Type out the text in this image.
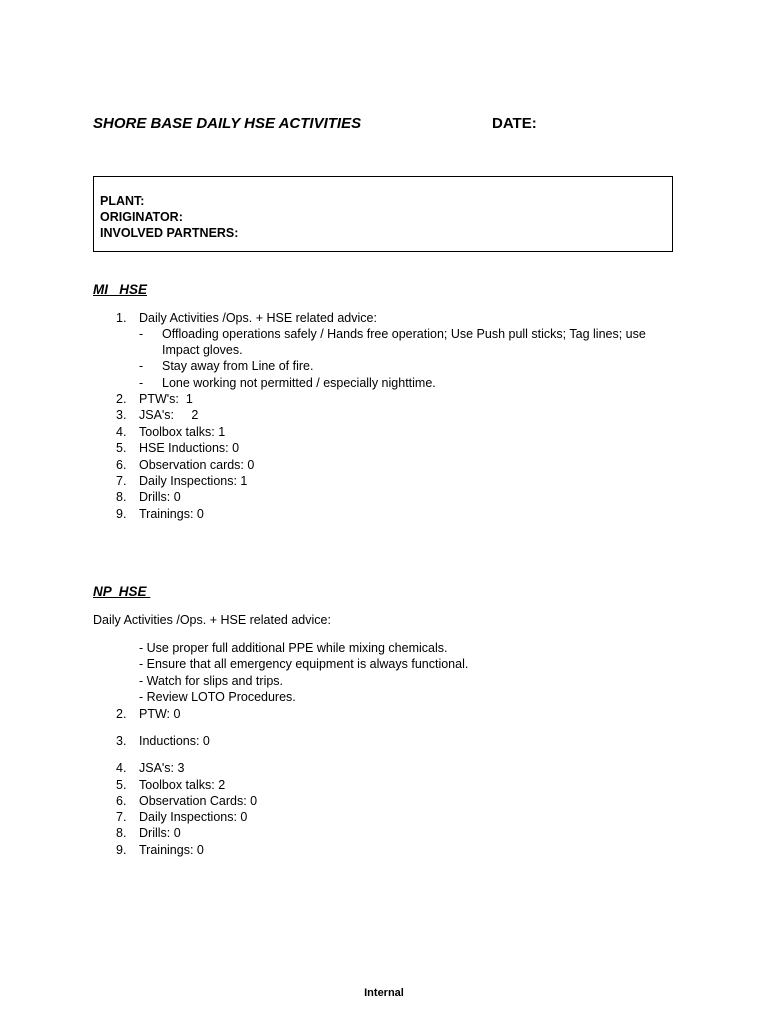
SHORE BASE DAILY HSE ACTIVITIES	DATE:
PLANT:
ORIGINATOR:
INVOLVED PARTNERS:
MI   HSE
1. Daily Activities /Ops. + HSE related advice:
- Offloading operations safely / Hands free operation; Use Push pull sticks; Tag lines; use Impact gloves.
- Stay away from Line of fire.
- Lone working not permitted / especially nighttime.
2. PTW's:  1
3. JSA's:     2
4. Toolbox talks: 1
5. HSE Inductions: 0
6. Observation cards: 0
7. Daily Inspections: 1
8. Drills: 0
9. Trainings: 0
NP  HSE
Daily Activities /Ops. + HSE related advice:
- Use proper full additional PPE while mixing chemicals.
- Ensure that all emergency equipment is always functional.
- Watch for slips and trips.
- Review LOTO Procedures.
2. PTW: 0
3. Inductions: 0
4. JSA's: 3
5. Toolbox talks: 2
6. Observation Cards: 0
7. Daily Inspections: 0
8. Drills: 0
9. Trainings: 0
Internal
